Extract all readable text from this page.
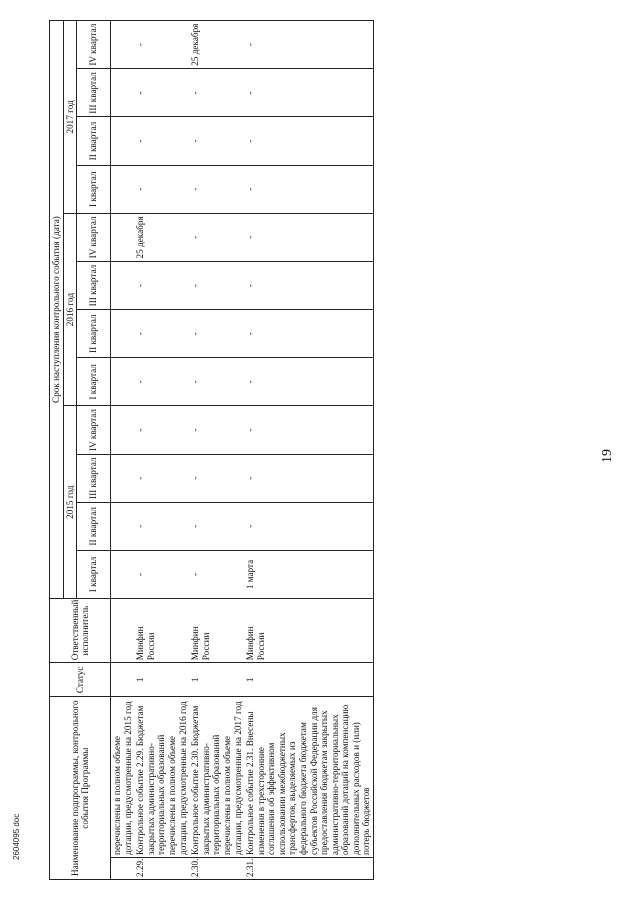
19
Наименование подпрограммы, контрольного события Программы		Статус	Ответственный исполнитель	Срок наступления контрольного события (дата)											
				2015 год				2016 год				2017 год			
				I квартал	II квартал	III квартал	IV квартал	I квартал	II квартал	III квартал	IV квартал	I квартал	II квартал	III квартал	IV квартал
	перечислены в полном объеме дотации, предусмотренные на 2015 год														
2.29.	Контрольное событие 2.29. Бюджетам закрытых административно-территориальных образований перечислены в полном объеме дотации, предусмотренные на 2016 год	1	Минфин России	-	-	-	-	-	-	-	25 декабря	-	-	-	-
2.30.	Контрольное событие 2.30. Бюджетам закрытых административно-территориальных образований перечислены в полном объеме дотации, предусмотренные на 2017 год	1	Минфин России	-	-	-	-	-	-	-	-	-	-	-	25 декабря
2.31.	Контрольное событие 2.31. Внесены изменения в трехсторонние соглашения об эффективном использовании межбюджетных трансфертов, выделяемых из федерального бюджета бюджетам субъектов Российской Федерации для предоставления бюджетам закрытых административно-территориальных образований дотаций на компенсацию дополнительных расходов и (или) потерь бюджетов	1	Минфин России	1 марта	-	-	-	-	-	-	-	-	-	-	-
2604095 doc
